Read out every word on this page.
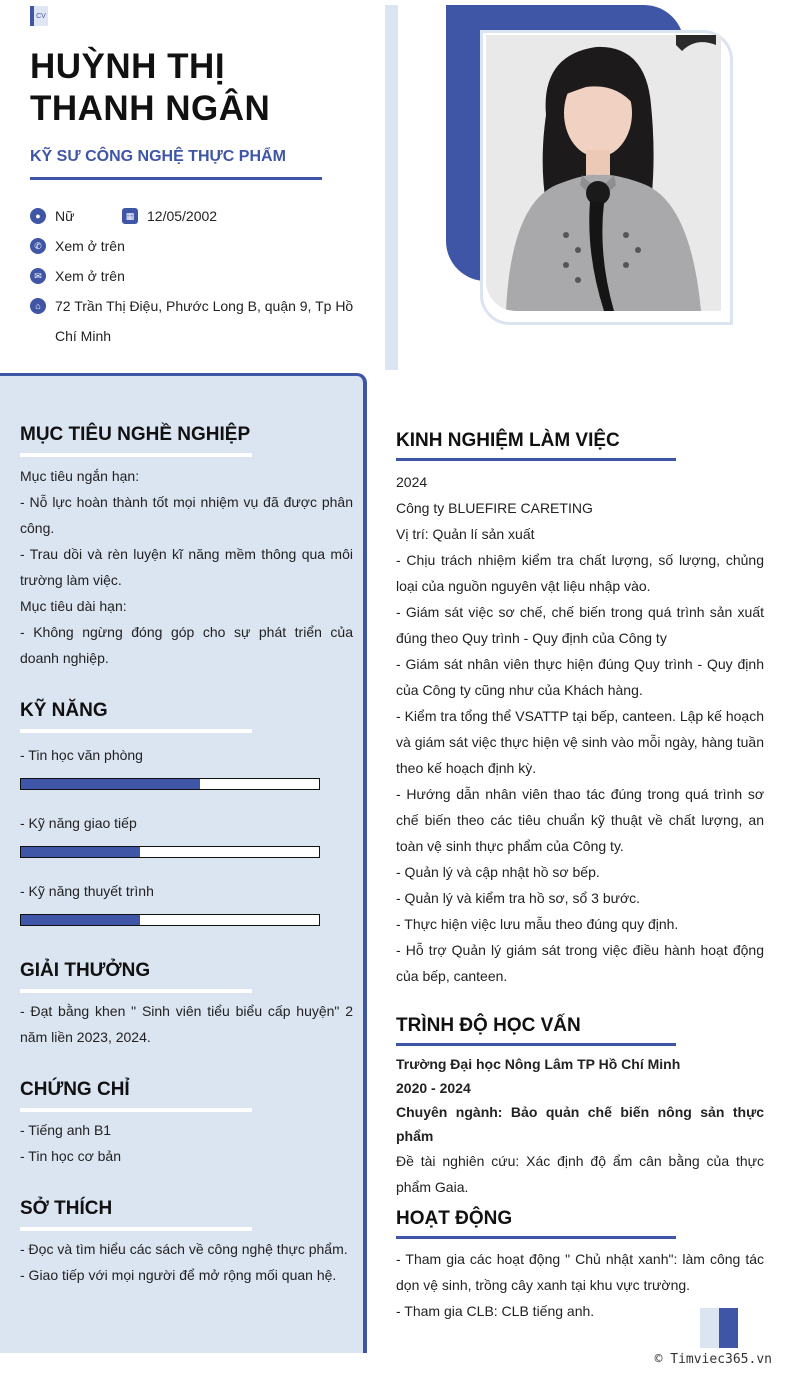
CV
HUỲNH THỊ
THANH NGÂN
KỸ SƯ CÔNG NGHỆ THỰC PHẨM
●	Nữ	▦ 12/05/2002
✆ Xem ở trên
✉ Xem ở trên
⌂	72 Trần Thị Điệu, Phước Long B, quận 9, Tp Hồ
Chí Minh
MỤC TIÊU NGHỀ NGHIỆP

Mục tiêu ngắn hạn:

- Nỗ lực hoàn thành tốt mọi nhiệm vụ đã được phân công.

- Trau dồi và rèn luyện kĩ năng mềm thông qua môi trường làm việc.

Mục tiêu dài hạn:

- Không ngừng đóng góp cho sự phát triển của doanh nghiệp.

KỸ NĂNG
- Tin học văn phòng
- Kỹ năng giao tiếp
- Kỹ năng thuyết trình
GIẢI THƯỞNG
- Đạt bằng khen " Sinh viên tiểu biểu cấp huyện" 2 năm liền 2023, 2024.
CHỨNG CHỈ

- Tiếng anh B1

- Tin học cơ bản

SỞ THÍCH

- Đọc và tìm hiểu các sách về công nghệ thực phẩm.

- Giao tiếp với mọi người để mở rộng mối quan hệ.

KINH NGHIỆM LÀM VIỆC

2024

Công ty BLUEFIRE CARETING

Vị trí: Quản lí sản xuất

- Chịu trách nhiệm kiểm tra chất lượng, số lượng, chủng loại của nguồn nguyên vật liệu nhập vào.

- Giám sát việc sơ chế, chế biến trong quá trình sản xuất đúng theo Quy trình - Quy định của Công ty

- Giám sát nhân viên thực hiện đúng Quy trình - Quy định của Công ty cũng như của Khách hàng.

- Kiểm tra tổng thể VSATTP tại bếp, canteen. Lập kế hoạch và giám sát việc thực hiện vệ sinh vào mỗi ngày, hàng tuần theo kế hoạch định kỳ.

- Hướng dẫn nhân viên thao tác đúng trong quá trình sơ chế biến theo các tiêu chuẩn kỹ thuật về chất lượng, an toàn vệ sinh thực phẩm của Công ty.

- Quản lý và cập nhật hồ sơ bếp.

- Quản lý và kiểm tra hồ sơ, sổ 3 bước.

- Thực hiện việc lưu mẫu theo đúng quy định.

- Hỗ trợ Quản lý giám sát trong việc điều hành hoạt động của bếp, canteen.

TRÌNH ĐỘ HỌC VẤN

Trường Đại học Nông Lâm TP Hồ Chí Minh

2020 - 2024

Chuyên ngành: Bảo quản chế biến nông sản thực phẩm

Đề tài nghiên cứu: Xác định độ ẩm cân bằng của thực phẩm Gaia.

HOẠT ĐỘNG

- Tham gia các hoạt động " Chủ nhật xanh": làm công tác dọn vệ sinh, trồng cây xanh tại khu vực trường.

- Tham gia CLB: CLB tiếng anh.

© Timviec365.vn
